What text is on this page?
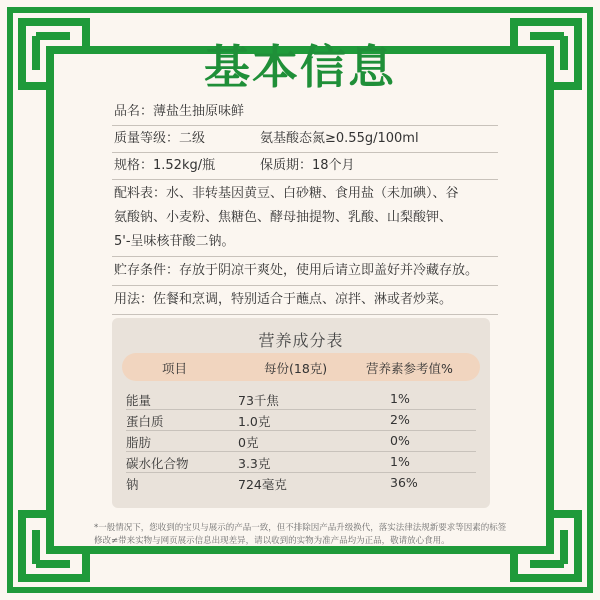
基本信息
品名：薄盐生抽原味鲜
质量等级：二级	氨基酸态氮≥0.55g/100ml
规格：1.52kg/瓶	保质期：18个月
配料表：水、非转基因黄豆、白砂糖、食用盐（未加碘）、谷
氨酸钠、小麦粉、焦糖色、酵母抽提物、乳酸、山梨酸钾、
5'-呈味核苷酸二钠。
贮存条件：存放于阴凉干爽处，使用后请立即盖好并冷藏存放。
用法：佐餐和烹调，特别适合于蘸点、凉拌、淋或者炒菜。
营养成分表
项目	每份(18克)	营养素参考值%
能量	73千焦	1%
蛋白质	1.0克	2%
脂肪	0克	0%
碳水化合物	3.3克	1%
钠	724毫克	36%
*一般情况下，您收到的宝贝与展示的产品一致，但不排除因产品升级换代，落实法律法规新要求等因素的标签修改≠带来实物与网页展示信息出现差异，请以收到的实物为准产品均为正品，敬请放心食用。
